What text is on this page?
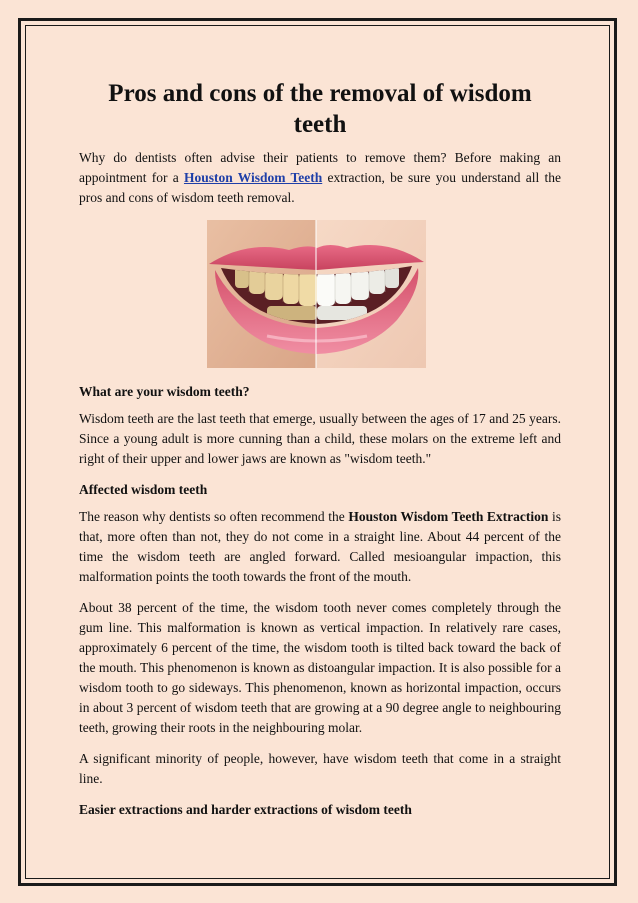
Pros and cons of the removal of wisdom teeth

Why do dentists often advise their patients to remove them? Before making an appointment for a Houston Wisdom Teeth extraction, be sure you understand all the pros and cons of wisdom teeth removal.

What are your wisdom teeth?

Wisdom teeth are the last teeth that emerge, usually between the ages of 17 and 25 years. Since a young adult is more cunning than a child, these molars on the extreme left and right of their upper and lower jaws are known as "wisdom teeth."

Affected wisdom teeth

The reason why dentists so often recommend the Houston Wisdom Teeth Extraction is that, more often than not, they do not come in a straight line. About 44 percent of the time the wisdom teeth are angled forward. Called mesioangular impaction, this malformation points the tooth towards the front of the mouth.

About 38 percent of the time, the wisdom tooth never comes completely through the gum line. This malformation is known as vertical impaction. In relatively rare cases, approximately 6 percent of the time, the wisdom tooth is tilted back toward the back of the mouth. This phenomenon is known as distoangular impaction. It is also possible for a wisdom tooth to go sideways. This phenomenon, known as horizontal impaction, occurs in about 3 percent of wisdom teeth that are growing at a 90 degree angle to neighbouring teeth, growing their roots in the neighbouring molar.

A significant minority of people, however, have wisdom teeth that come in a straight line.

Easier extractions and harder extractions of wisdom teeth
